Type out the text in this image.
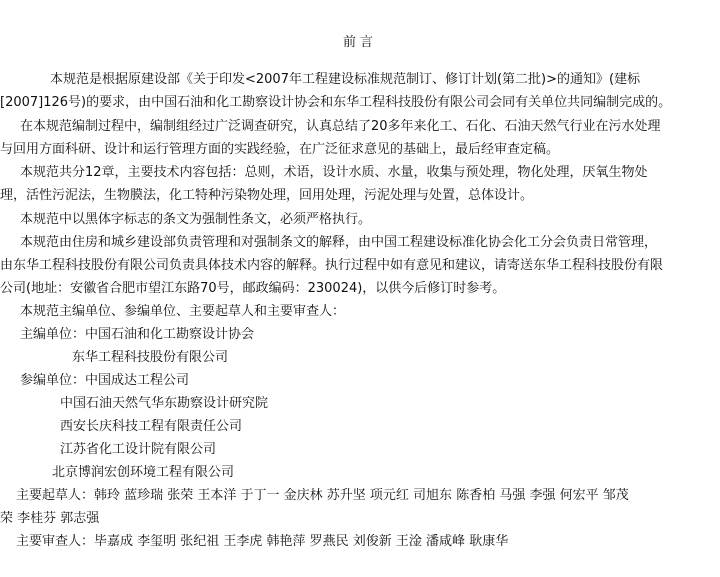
前言
本规范是根据原建设部《关于印发<2007年工程建设标准规范制订、修订计划(第二批)>的通知》(建标
[2007]126号)的要求，由中国石油和化工勘察设计协会和东华工程科技股份有限公司会同有关单位共同编制完成的。
在本规范编制过程中，编制组经过广泛调查研究，认真总结了20多年来化工、石化、石油天然气行业在污水处理
与回用方面科研、设计和运行管理方面的实践经验，在广泛征求意见的基础上，最后经审查定稿。
本规范共分12章，主要技术内容包括：总则，术语，设计水质、水量，收集与预处理，物化处理，厌氧生物处
理，活性污泥法，生物膜法，化工特种污染物处理，回用处理，污泥处理与处置，总体设计。
本规范中以黑体字标志的条文为强制性条文，必须严格执行。
本规范由住房和城乡建设部负责管理和对强制条文的解释，由中国工程建设标准化协会化工分会负责日常管理，
由东华工程科技股份有限公司负责具体技术内容的解释。执行过程中如有意见和建议，请寄送东华工程科技股份有限
公司(地址：安徽省合肥市望江东路70号，邮政编码：230024)，以供今后修订时参考。
本规范主编单位、参编单位、主要起草人和主要审查人：
主编单位：中国石油和化工勘察设计协会
东华工程科技股份有限公司
参编单位：中国成达工程公司
中国石油天然气华东勘察设计研究院
西安长庆科技工程有限责任公司
江苏省化工设计院有限公司
北京博润宏创环境工程有限公司
主要起草人：韩玲 蓝珍瑞 张荣 王本洋 于丁一 金庆林 苏升坚 项元红 司旭东 陈香柏 马强 李强 何宏平 邹茂
荣 李桂芬 郭志强
主要审查人：毕嘉成 李玺明 张纪祖 王李虎 韩艳萍 罗燕民 刘俊新 王淦 潘咸峰 耿康华
